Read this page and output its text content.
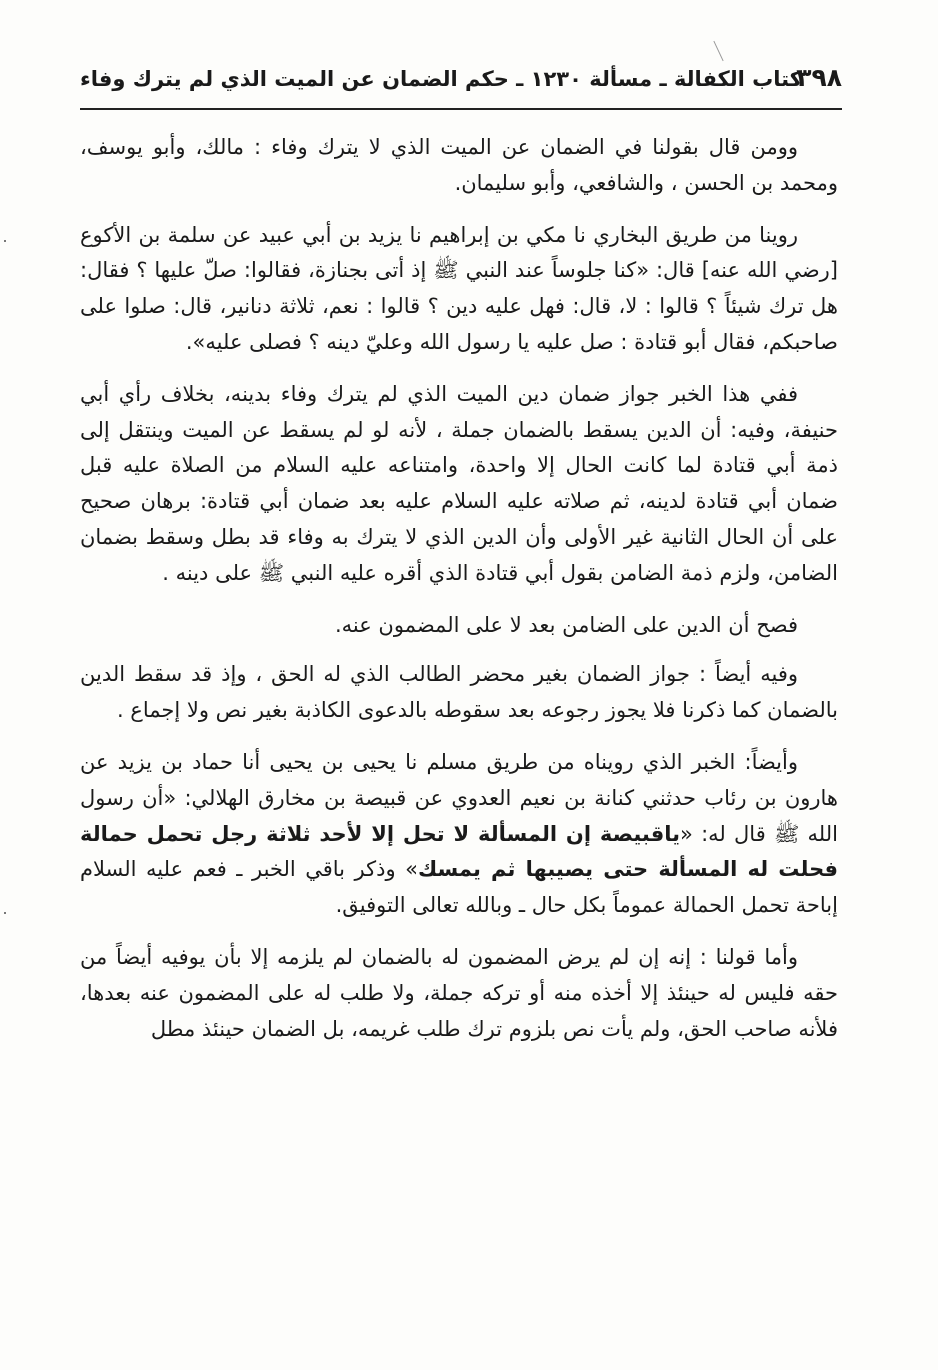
٣٩٨
كتاب الكفالة ـ مسألة ١٢٣٠ ـ حكم الضمان عن الميت الذي لم يترك وفاء

وومن قال بقولنا في الضمان عن الميت الذي لا يترك وفاء : مالك، وأبو يوسف، ومحمد بن الحسن ، والشافعي، وأبو سليمان.

روينا من طريق البخاري نا مكي بن إبراهيم نا يزيد بن أبي عبيد عن سلمة بن الأكوع [رضي الله عنه] قال: «كنا جلوساً عند النبي ﷺ إذ أتى بجنازة، فقالوا: صلّ عليها ؟ فقال: هل ترك شيئاً ؟ قالوا : لا، قال: فهل عليه دين ؟ قالوا : نعم، ثلاثة دنانير، قال: صلوا على صاحبكم، فقال أبو قتادة : صل عليه يا رسول الله وعليّ دينه ؟ فصلى عليه».

ففي هذا الخبر جواز ضمان دين الميت الذي لم يترك وفاء بدينه، بخلاف رأي أبي حنيفة، وفيه: أن الدين يسقط بالضمان جملة ، لأنه لو لم يسقط عن الميت وينتقل إلى ذمة أبي قتادة لما كانت الحال إلا واحدة، وامتناعه عليه السلام من الصلاة عليه قبل ضمان أبي قتادة لدينه، ثم صلاته عليه السلام عليه بعد ضمان أبي قتادة: برهان صحيح على أن الحال الثانية غير الأولى وأن الدين الذي لا يترك به وفاء قد بطل وسقط بضمان الضامن، ولزم ذمة الضامن بقول أبي قتادة الذي أقره عليه النبي ﷺ على دينه .

فصح أن الدين على الضامن بعد لا على المضمون عنه.

وفيه أيضاً : جواز الضمان بغير محضر الطالب الذي له الحق ، وإذ قد سقط الدين بالضمان كما ذكرنا فلا يجوز رجوعه بعد سقوطه بالدعوى الكاذبة بغير نص ولا إجماع .

وأيضاً: الخبر الذي رويناه من طريق مسلم نا يحيى بن يحيى أنا حماد بن يزيد عن هارون بن رئاب حدثني كنانة بن نعيم العدوي عن قبيصة بن مخارق الهلالي: «أن رسول الله ﷺ قال له: «ياقبيصة إن المسألة لا تحل إلا لأحد ثلاثة رجل تحمل حمالة فحلت له المسألة حتى يصيبها ثم يمسك» وذكر باقي الخبر ـ فعم عليه السلام إباحة تحمل الحمالة عموماً بكل حال ـ وبالله تعالى التوفيق.

وأما قولنا : إنه إن لم يرض المضمون له بالضمان لم يلزمه إلا بأن يوفيه أيضاً من حقه فليس له حينئذ إلا أخذه منه أو تركه جملة، ولا طلب له على المضمون عنه بعدها، فلأنه صاحب الحق، ولم يأت نص بلزوم ترك طلب غريمه، بل الضمان حينئذ مطل
